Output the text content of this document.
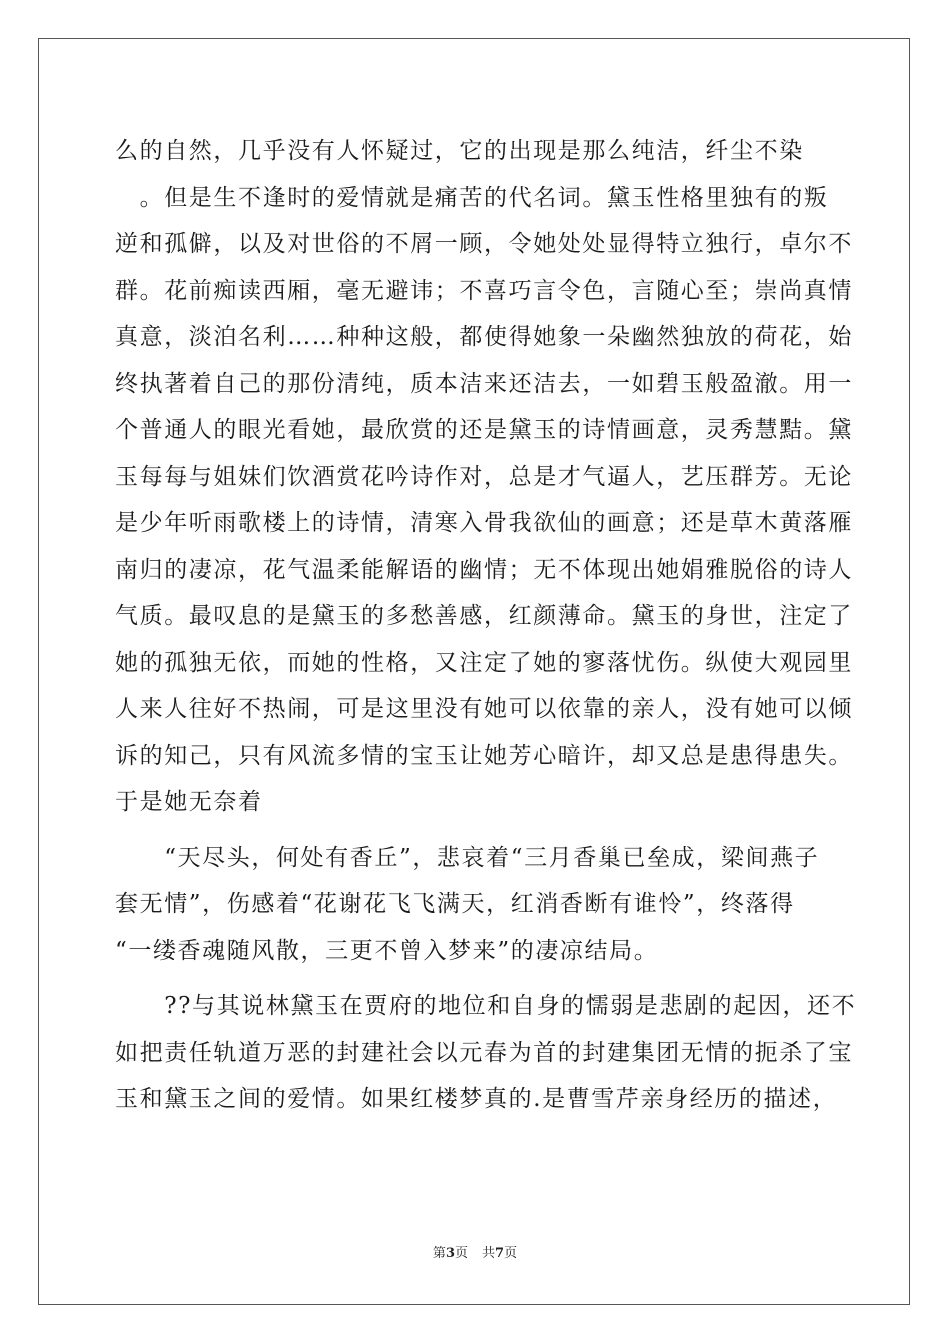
么的自然，几乎没有人怀疑过，它的出现是那么纯洁，纤尘不染
　。但是生不逢时的爱情就是痛苦的代名词。黛玉性格里独有的叛
逆和孤僻，以及对世俗的不屑一顾，令她处处显得特立独行，卓尔不
群。花前痴读西厢，毫无避讳；不喜巧言令色，言随心至；崇尚真情
真意，淡泊名利……种种这般，都使得她象一朵幽然独放的荷花，始
终执著着自己的那份清纯，质本洁来还洁去，一如碧玉般盈澈。用一
个普通人的眼光看她，最欣赏的还是黛玉的诗情画意，灵秀慧黠。黛
玉每每与姐妹们饮酒赏花吟诗作对，总是才气逼人，艺压群芳。无论
是少年听雨歌楼上的诗情，清寒入骨我欲仙的画意；还是草木黄落雁
南归的凄凉，花气温柔能解语的幽情；无不体现出她娟雅脱俗的诗人
气质。最叹息的是黛玉的多愁善感，红颜薄命。黛玉的身世，注定了
她的孤独无依，而她的性格，又注定了她的寥落忧伤。纵使大观园里
人来人往好不热闹，可是这里没有她可以依靠的亲人，没有她可以倾
诉的知己，只有风流多情的宝玉让她芳心暗许，却又总是患得患失。
于是她无奈着
　　“天尽头，何处有香丘”，悲哀着“三月香巢已垒成，梁间燕子
套无情”，伤感着“花谢花飞飞满天，红消香断有谁怜”，终落得
“一缕香魂随风散，三更不曾入梦来”的凄凉结局。
　　??与其说林黛玉在贾府的地位和自身的懦弱是悲剧的起因，还不
如把责任轨道万恶的封建社会以元春为首的封建集团无情的扼杀了宝
玉和黛玉之间的爱情。如果红楼梦真的.是曹雪芹亲身经历的描述，
第3页 共7页
